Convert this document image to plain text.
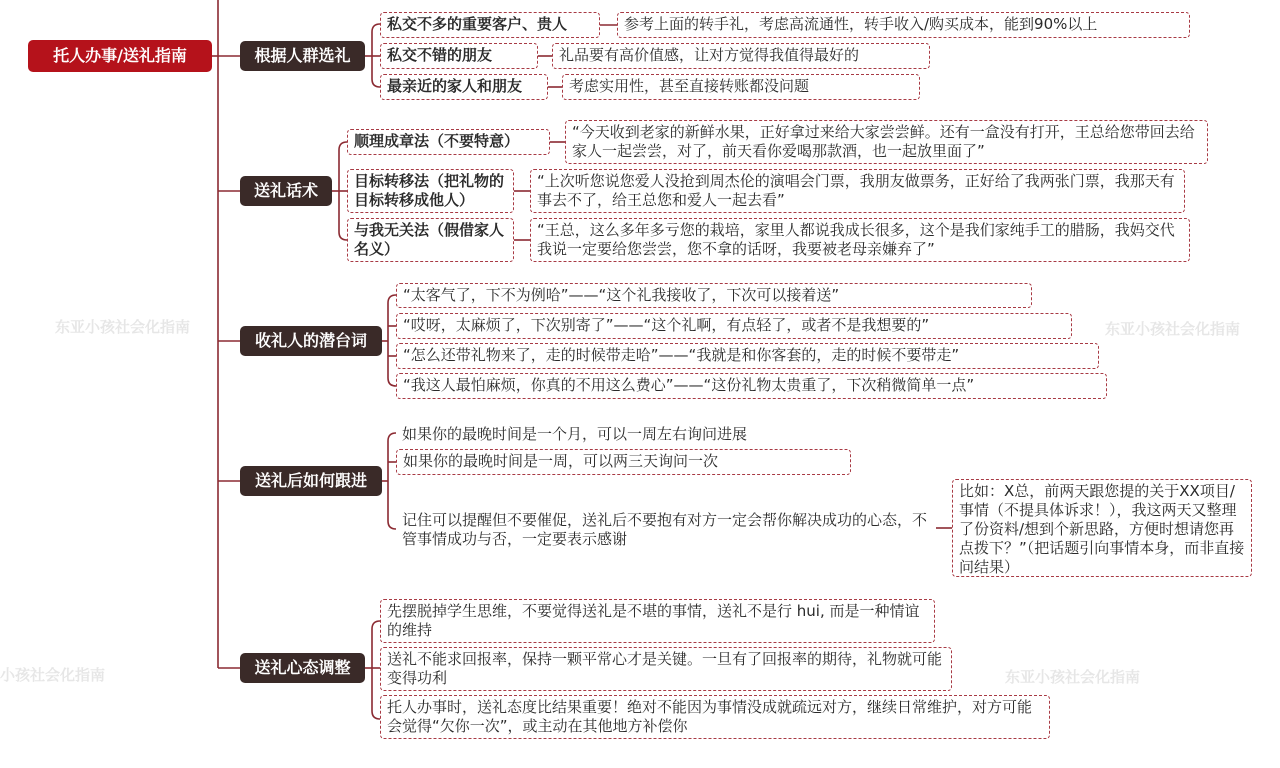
东亚小孩社会化指南	东亚小孩社会化指南
小孩社会化指南	东亚小孩社会化指南
托人办事/送礼指南	根据人群选礼
私交不多的重要客户、贵人	参考上面的转手礼，考虑高流通性，转手收入/购买成本，能到90%以上
私交不错的朋友	礼品要有高价值感，让对方觉得我值得最好的
最亲近的家人和朋友	考虑实用性，甚至直接转账都没问题
送礼话术
顺理成章法（不要特意）	“今天收到老家的新鲜水果，正好拿过来给大家尝尝鲜。还有一盒没有打开，王总给您带回去给家人一起尝尝，对了，前天看你爱喝那款酒，也一起放里面了”
目标转移法（把礼物的目标转移成他人）
“上次听您说您爱人没抢到周杰伦的演唱会门票，我朋友做票务，正好给了我两张门票，我那天有事去不了，给王总您和爱人一起去看”
与我无关法（假借家人名义）
“王总，这么多年多亏您的栽培，家里人都说我成长很多，这个是我们家纯手工的腊肠，我妈交代我说一定要给您尝尝，您不拿的话呀，我要被老母亲嫌弃了”
收礼人的潜台词
“太客气了，下不为例哈”——“这个礼我接收了，下次可以接着送”
“哎呀，太麻烦了，下次别寄了”——“这个礼啊，有点轻了，或者不是我想要的”
“怎么还带礼物来了，走的时候带走哈”——“我就是和你客套的，走的时候不要带走”
“我这人最怕麻烦，你真的不用这么费心”——“这份礼物太贵重了，下次稍微简单一点”
送礼后如何跟进
如果你的最晚时间是一个月，可以一周左右询问进展
如果你的最晚时间是一周，可以两三天询问一次
记住可以提醒但不要催促，送礼后不要抱有对方一定会帮你解决成功的心态，不管事情成功与否，一定要表示感谢
比如：X总，前两天跟您提的关于XX项目/事情（不提具体诉求！），我这两天又整理了份资料/想到个新思路，方便时想请您再点拨下？”（把话题引向事情本身，而非直接问结果）
送礼心态调整
先摆脱掉学生思维，不要觉得送礼是不堪的事情，送礼不是行 hui, 而是一种情谊的维持
送礼不能求回报率，保持一颗平常心才是关键。一旦有了回报率的期待，礼物就可能变得功利
托人办事时，送礼态度比结果重要！绝对不能因为事情没成就疏远对方，继续日常维护，对方可能会觉得“欠你一次”，或主动在其他地方补偿你
